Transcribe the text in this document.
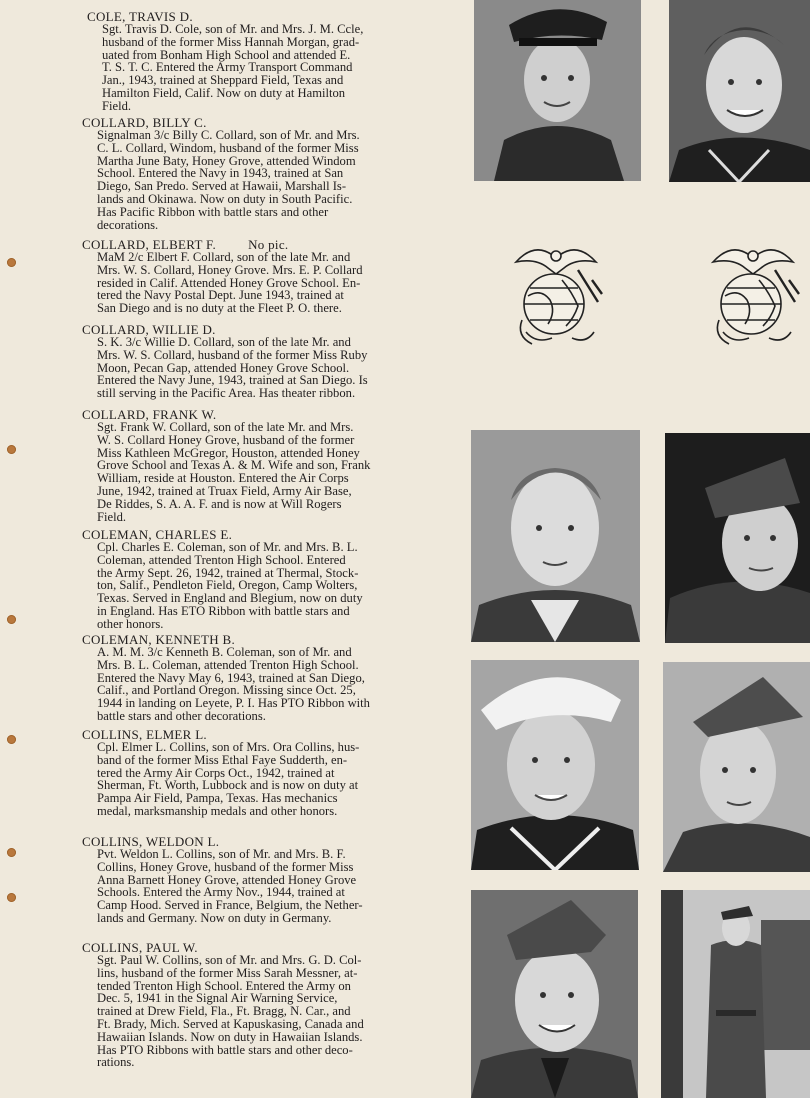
COLE, TRAVIS D.

Sgt. Travis D. Cole, son of Mr. and Mrs. J. M. Ccle,
husband of the former Miss Hannah Morgan, grad-
uated from Bonham High School and attended E.
T. S. T. C. Entered the Army Transport Command
Jan., 1943, trained at Sheppard Field, Texas and
Hamilton Field, Calif. Now on duty at Hamilton
Field.

COLLARD, BILLY C.

Signalman 3/c Billy C. Collard, son of Mr. and Mrs.
C. L. Collard, Windom, husband of the former Miss
Martha June Baty, Honey Grove, attended Windom
School. Entered the Navy in 1943, trained at San
Diego, San Predo. Served at Hawaii, Marshall Is-
lands and Okinawa. Now on duty in South Pacific.
Has Pacific Ribbon with battle stars and other
decorations.

COLLARD, ELBERT F. No pic.

MaM 2/c Elbert F. Collard, son of the late Mr. and
Mrs. W. S. Collard, Honey Grove. Mrs. E. P. Collard
resided in Calif. Attended Honey Grove School. En-
tered the Navy Postal Dept. June 1943, trained at
San Diego and is no duty at the Fleet P. O. there.

COLLARD, WILLIE D.

S. K. 3/c Willie D. Collard, son of the late Mr. and
Mrs. W. S. Collard, husband of the former Miss Ruby
Moon, Pecan Gap, attended Honey Grove School.
Entered the Navy June, 1943, trained at San Diego. Is
still serving in the Pacific Area. Has theater ribbon.

COLLARD, FRANK W.

Sgt. Frank W. Collard, son of the late Mr. and Mrs.
W. S. Collard Honey Grove, husband of the former
Miss Kathleen McGregor, Houston, attended Honey
Grove School and Texas A. & M. Wife and son, Frank
William, reside at Houston. Entered the Air Corps
June, 1942, trained at Truax Field, Army Air Base,
De Riddes, S. A. A. F. and is now at Will Rogers
Field.

COLEMAN, CHARLES E.

Cpl. Charles E. Coleman, son of Mr. and Mrs. B. L.
Coleman, attended Trenton High School. Entered
the Army Sept. 26, 1942, trained at Thermal, Stock-
ton, Salif., Pendleton Field, Oregon, Camp Wolters,
Texas. Served in England and Blegium, now on duty
in England. Has ETO Ribbon with battle stars and
other honors.

COLEMAN, KENNETH B.

A. M. M. 3/c Kenneth B. Coleman, son of Mr. and
Mrs. B. L. Coleman, attended Trenton High School.
Entered the Navy May 6, 1943, trained at San Diego,
Calif., and Portland Oregon. Missing since Oct. 25,
1944 in landing on Leyete, P. I. Has PTO Ribbon with
battle stars and other decorations.

COLLINS, ELMER L.

Cpl. Elmer L. Collins, son of Mrs. Ora Collins, hus-
band of the former Miss Ethal Faye Sudderth, en-
tered the Army Air Corps Oct., 1942, trained at
Sherman, Ft. Worth, Lubbock and is now on duty at
Pampa Air Field, Pampa, Texas. Has mechanics
medal, marksmanship medals and other honors.

COLLINS, WELDON L.

Pvt. Weldon L. Collins, son of Mr. and Mrs. B. F.
Collins, Honey Grove, husband of the former Miss
Anna Barnett Honey Grove, attended Honey Grove
Schools. Entered the Army Nov., 1944, trained at
Camp Hood. Served in France, Belgium, the Nether-
lands and Germany. Now on duty in Germany.

COLLINS, PAUL W.

Sgt. Paul W. Collins, son of Mr. and Mrs. G. D. Col-
lins, husband of the former Miss Sarah Messner, at-
tended Trenton High School. Entered the Army on
Dec. 5, 1941 in the Signal Air Warning Service,
trained at Drew Field, Fla., Ft. Bragg, N. Car., and
Ft. Brady, Mich. Served at Kapuskasing, Canada and
Hawaiian Islands. Now on duty in Hawaiian Islands.
Has PTO Ribbons with battle stars and other deco-
rations.
